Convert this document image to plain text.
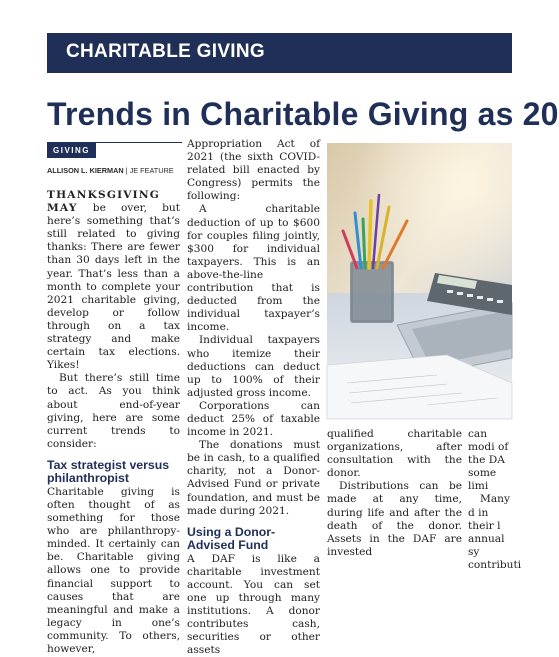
CHARITABLE GIVING
Trends in Charitable Giving as 20
GIVING
ALLISON L. KIERMAN | JE FEATURE

THANKSGIVING MAY be over, but here’s something that’s still related to giving thanks: There are fewer than 30 days left in the year. That’s less than a month to complete your 2021 charitable giving, develop or follow through on a tax strategy and make certain tax elections. Yikes!

But there’s still time to act. As you think about end-of-year giving, here are some current trends to consider:

Tax strategist versus philanthropist

Charitable giving is often thought of as something for those who are philanthropy-minded. It certainly can be. Charitable giving allows one to provide financial support to causes that are meaningful and make a legacy in one’s community. To others, however,

Appropriation Act of 2021 (the sixth COVID-related bill enacted by Congress) permits the following:

A charitable deduction of up to $600 for couples filing jointly, $300 for individual taxpayers. This is an above-the-line contribution that is deducted from the individual taxpayer’s income.

Individual taxpayers who itemize their deductions can deduct up to 100% of their adjusted gross income.

Corporations can deduct 25% of taxable income in 2021.

The donations must be in cash, to a qualified charity, not a Donor-Advised Fund or private foundation, and must be made during 2021.

Using a Donor-Advised Fund

A DAF is like a charitable investment account. You can set one up through many institutions. A donor contributes cash, securities or other assets

qualified charitable organizations, after consultation with the donor.

Distributions can be made at any time, during life and after the death of the donor. Assets in the DAF are invested

can modi of the DA some limi

Many d in their l annual sy contributi
